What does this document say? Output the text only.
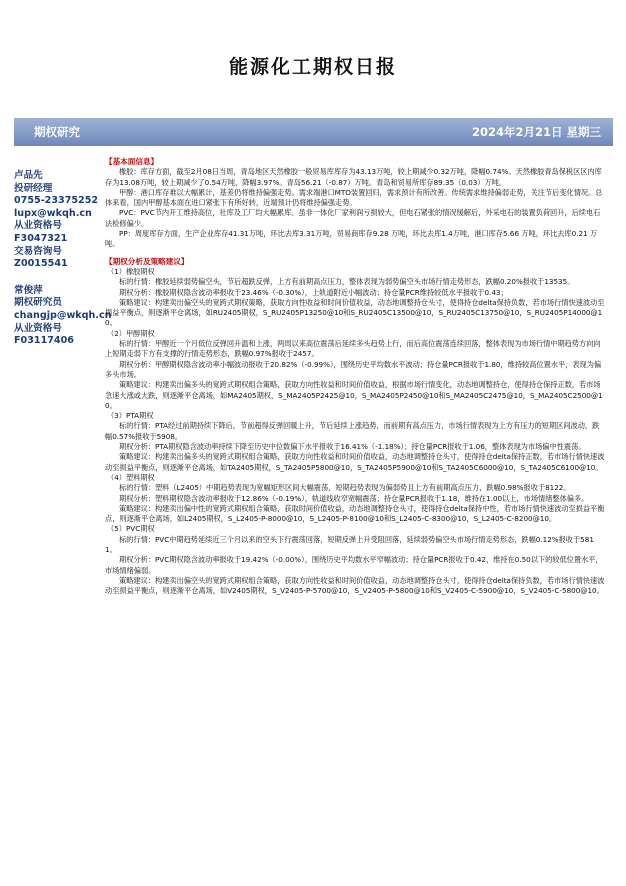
能源化工期权日报
期权研究	2024年2月21日 星期三
卢品先
投研经理
0755-23375252
lupx@wkqh.cn
从业资格号
F3047321
交易咨询号
Z0015541
常俊萍
期权研究员
changjp@wkqh.cn
从业资格号
F03117406
【基本面信息】

橡胶：库存方面，截至2月08日当周，青岛地区天然橡胶一般贸易库库存为43.13万吨，较上期减少0.32万吨，降幅0.74%。天然橡胶青岛保税区区内库存为13.08万吨，较上期减少了0.54万吨，降幅3.97%。青岛56.21（-0.87）万吨。青岛和贸易所库存89.35（0.03）万吨。

甲醇：港口库存难以大幅累计，基差仍将维持偏强走势。需求端港口MTO装置回归，需求预计有所改善。传统需求维持偏弱走势，关注节后变化情况。总体来看，国内甲醇基本面在进口紧张下有所好转，近端预计仍将维持偏强走势。

PVC：PVC节内开工维持高位，社库及工厂均大幅累库。虽非一体化厂家利润亏损较大，但电石紧张的情况缓解后，外采电石的装置负荷回升，后续电石法检修偏少。

PP：周度库存方面，生产企业库存41.31万吨，环比去库3.31万吨，贸易商库存9.28 万吨，环比去库1.4万吨，港口库存5.66 万吨，环比去库0.21 万吨。

【期权分析及策略建议】
（1）橡胶期权

标的行情：橡胶延续弱势偏空头，节后超跌反弹，上方有前期高点压力，整体表现为弱势偏空头市场行情走势形态，跌幅0.20%报收于13535。

期权分析：橡胶期权隐含波动率报收于23.46%（-0.30%），上轨道附近小幅波动；持仓量PCR维持较低水平报收于0.43；

策略建议：构建卖出偏空头的宽跨式期权策略，获取方向性收益和时间价值收益，动态地调整持仓头寸，使得持仓delta保持负数，若市场行情快速波动至损益平衡点，则逐渐平仓离场，如RU2405期权，S_RU2405P13250@10和S_RU2405C13500@10，S_RU2405C13750@10，S_RU2405P14000@10。

（2）甲醇期权

标的行情：甲醇近一个月低位反弹回升温和上涨，两周以来高位震荡后延续多头趋势上行，而后高位震荡连续回落，整体表现为市场行情中期趋势方向向上短期走弱下方有支撑的行情走势形态，跌幅0.97%报收于2457。

期权分析：甲醇期权隐含波动率小幅波动报收于20.82%（-0.99%），围绕历史平均数水平波动；持仓量PCR报收于1.80，维持较高位置水平，表现为偏多头市场。

策略建议：构建卖出偏多头的宽跨式期权组合策略，获取方向性收益和时间价值收益，根据市场行情变化，动态地调整持仓，使得持仓保持正数，若市场急速大涨或大跌，则逐渐平仓离场，如MA2405期权，S_MA2405P2425@10，S_MA2405P2450@10和S_MA2405C2475@10，S_MA2405C2500@10。

（3）PTA期权

标的行情：PTA经过前期持续下降后，节前超得反弹回暖上升，节后延续上涨趋势，而前期有高点压力，市场行情表现为上方有压力的短期区间波动，跌幅0.57%报收于5908。

期权分析：PTA期权隐含波动率持续下降至历史中位数偏下水平报收于16.41%（-1.18%）；持仓量PCR报收于1.06，整体表现为市场偏中性震荡。

策略建议：构建卖出偏多头的宽跨式期权组合策略，获取方向性收益和时间价值收益，动态地调整持仓头寸，使得持仓delta保持正数，若市场行情快速波动至损益平衡点，则逐渐平仓离场，如TA2405期权，S_TA2405P5800@10，S_TA2405P5900@10和S_TA2405C6000@10，S_TA2405C6100@10。

（4）塑料期权

标的行情：塑料（L2405）中期趋势表现为宽幅矩形区间大幅震荡，短期趋势表现为偏弱势且上方有前期高点压力，跌幅0.98%报收于8122。

期权分析：塑料期权隐含波动率报收于12.86%（-0.19%），轨道线收窄宽幅震荡；持仓量PCR报收于1.18，维持在1.00以上，市场情绪整体偏多。

策略建议：构建卖出偏中性的宽跨式期权组合策略，获取时间价值收益，动态地调整持仓头寸，使得持仓delta保持中性，若市场行情快速波动至损益平衡点，则逐渐平仓离场，如L2405期权，S_L2405-P-8000@10，S_L2405-P-8100@10和S_L2405-C-8300@10，S_L2405-C-8200@10。

（5）PVC期权

标的行情：PVC中期趋势延续近三个月以来的空头下行震荡回落，短期反弹上升受阻回落，延续弱势偏空头市场行情走势形态，跌幅0.12%报收于5811。

期权分析：PVC期权隐含波动率报收于19.42%（-0.00%），围绕历史平均数水平窄幅波动；持仓量PCR报收于0.42，维持在0.50以下的较低位置水平，市场情绪偏弱。

策略建议：构建卖出偏空头的宽跨式期权组合策略，获取方向性收益和时间价值收益，动态地调整持仓头寸，使得持仓delta保持负数，若市场行情快速波动至损益平衡点，则逐渐平仓离场，如V2405期权，S_V2405-P-5700@10，S_V2405-P-5800@10和S_V2405-C-5900@10，S_V2405-C-5800@10。
